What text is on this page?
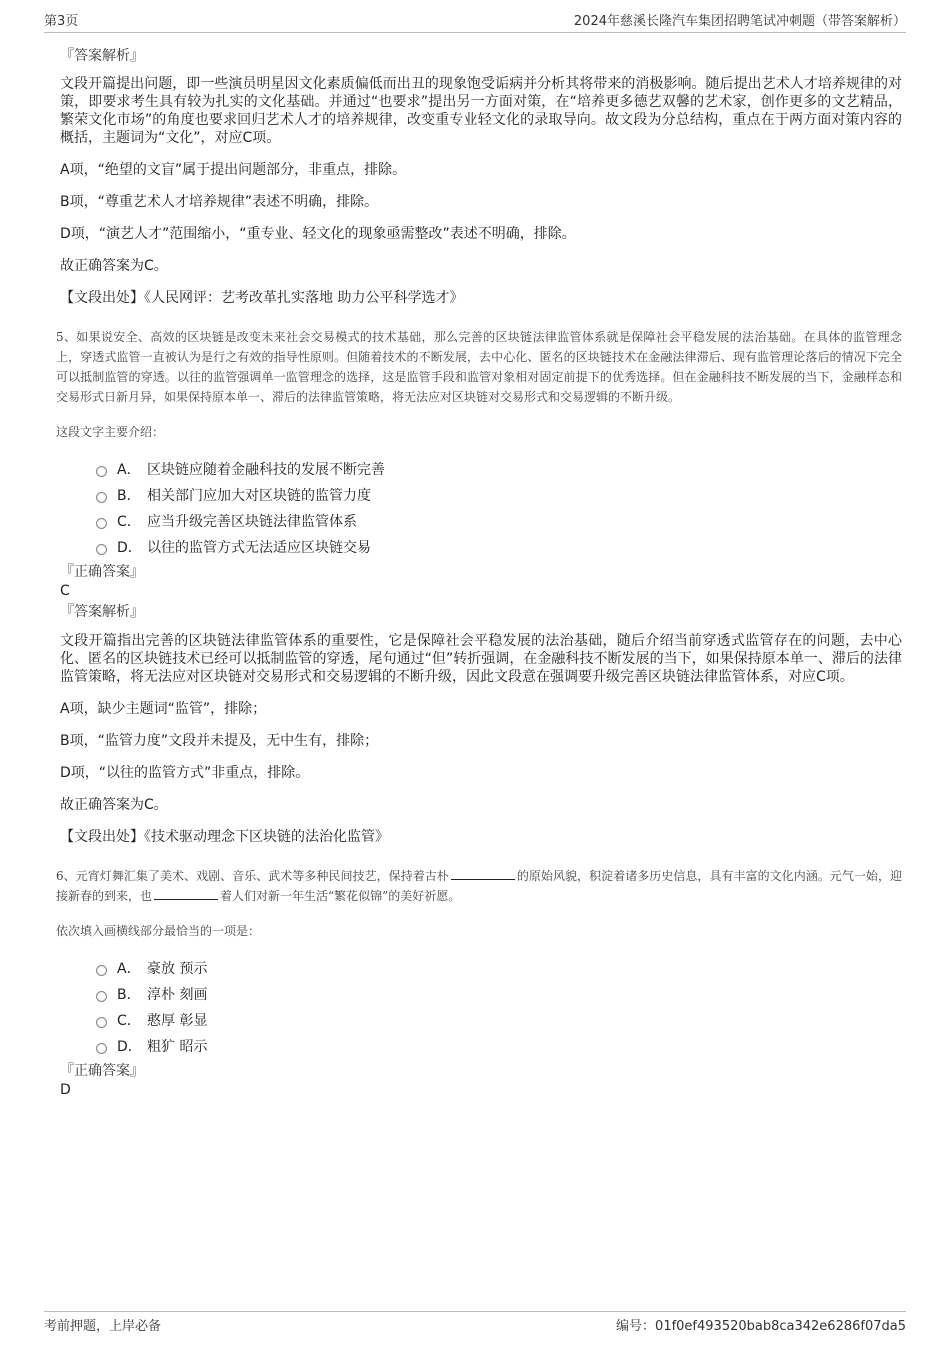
第3页	2024年慈溪长隆汽车集团招聘笔试冲刺题（带答案解析）
『答案解析』

文段开篇提出问题，即一些演员明星因文化素质偏低而出丑的现象饱受诟病并分析其将带来的消极影响。随后提出艺术人才培养规律的对策，即要求考生具有较为扎实的文化基础。并通过“也要求”提出另一方面对策，在“培养更多德艺双馨的艺术家，创作更多的文艺精品，繁荣文化市场”的角度也要求回归艺术人才的培养规律，改变重专业轻文化的录取导向。故文段为分总结构，重点在于两方面对策内容的概括，主题词为“文化”，对应C项。

A项，“绝望的文盲”属于提出问题部分，非重点，排除。

B项，“尊重艺术人才培养规律”表述不明确，排除。

D项，“演艺人才”范围缩小，“重专业、轻文化的现象亟需整改”表述不明确，排除。

故正确答案为C。

【文段出处】《人民网评：艺考改革扎实落地 助力公平科学选才》

5、如果说安全、高效的区块链是改变未来社会交易模式的技术基础，那么完善的区块链法律监管体系就是保障社会平稳发展的法治基础。在具体的监管理念上，穿透式监管一直被认为是行之有效的指导性原则。但随着技术的不断发展，去中心化、匿名的区块链技术在金融法律滞后、现有监管理论落后的情况下完全可以抵制监管的穿透。以往的监管强调单一监管理念的选择，这是监管手段和监管对象相对固定前提下的优秀选择。但在金融科技不断发展的当下，金融样态和交易形式日新月异，如果保持原本单一、滞后的法律监管策略，将无法应对区块链对交易形式和交易逻辑的不断升级。

这段文字主要介绍：
A． 区块链应随着金融科技的发展不断完善
B． 相关部门应加大对区块链的监管力度
C． 应当升级完善区块链法律监管体系
D． 以往的监管方式无法适应区块链交易
『正确答案』
C
『答案解析』

文段开篇指出完善的区块链法律监管体系的重要性，它是保障社会平稳发展的法治基础，随后介绍当前穿透式监管存在的问题，去中心化、匿名的区块链技术已经可以抵制监管的穿透，尾句通过“但”转折强调，在金融科技不断发展的当下，如果保持原本单一、滞后的法律监管策略，将无法应对区块链对交易形式和交易逻辑的不断升级，因此文段意在强调要升级完善区块链法律监管体系，对应C项。

A项，缺少主题词“监管”，排除；

B项，“监管力度”文段并未提及，无中生有，排除；

D项，“以往的监管方式”非重点，排除。

故正确答案为C。

【文段出处】《技术驱动理念下区块链的法治化监管》

6、元宵灯舞汇集了美术、戏剧、音乐、武术等多种民间技艺，保持着古朴	的原始风貌，积淀着诸多历史信息，具有丰富的文化内涵。元气一始，迎接新春的到来，也	着人们对新一年生活“繁花似锦”的美好祈愿。

依次填入画横线部分最恰当的一项是：
A． 豪放 预示
B． 淳朴 刻画
C． 憨厚 彰显
D． 粗犷 昭示
『正确答案』
D
考前押题，上岸必备	编号：01f0ef493520bab8ca342e6286f07da5
